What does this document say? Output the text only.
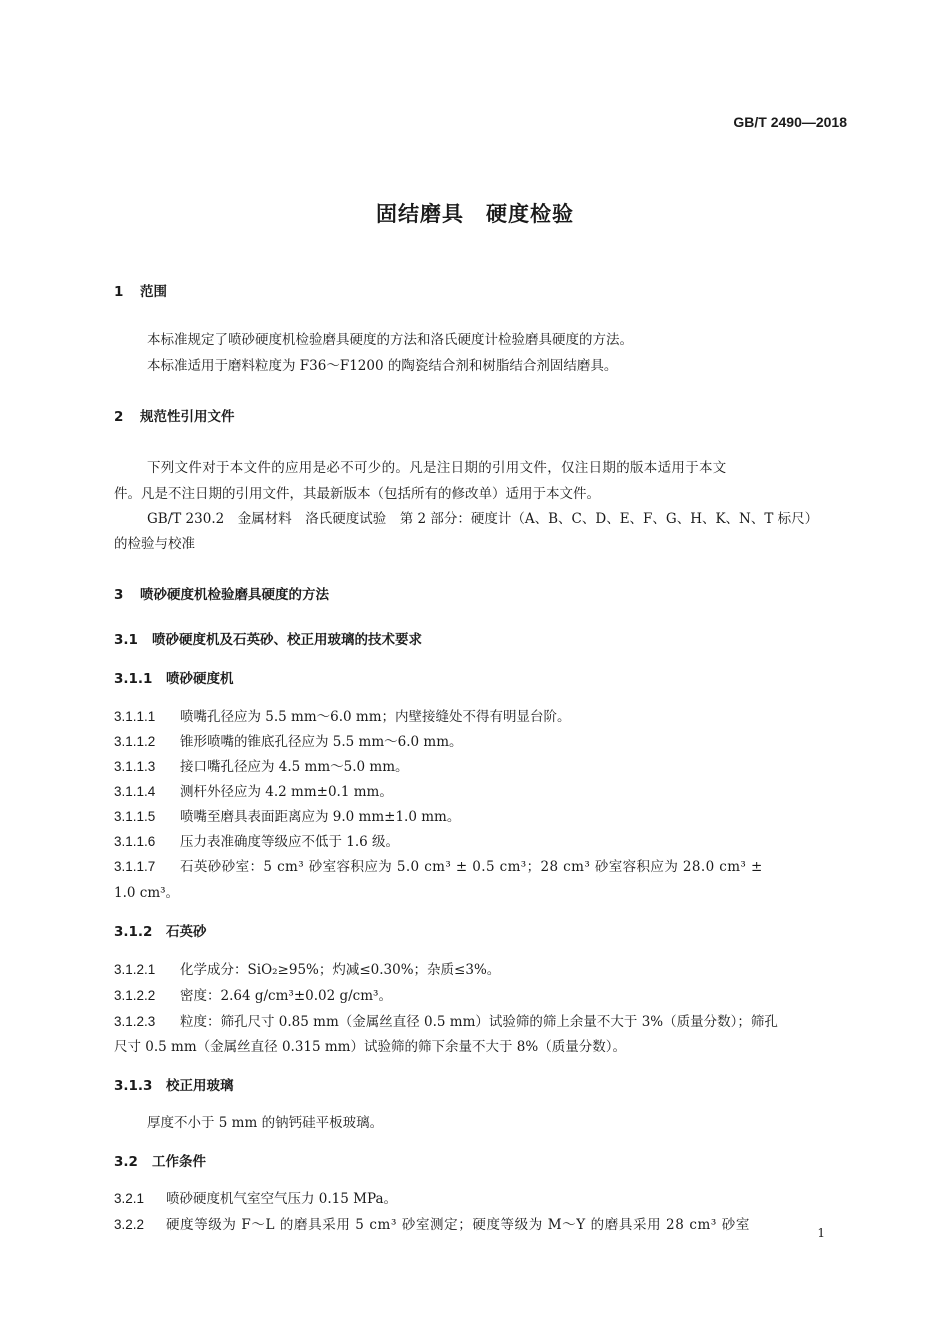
GB/T 2490—2018
固结磨具　硬度检验
1 范围
本标准规定了喷砂硬度机检验磨具硬度的方法和洛氏硬度计检验磨具硬度的方法。
本标准适用于磨料粒度为 F36～F1200 的陶瓷结合剂和树脂结合剂固结磨具。
2 规范性引用文件
下列文件对于本文件的应用是必不可少的。凡是注日期的引用文件，仅注日期的版本适用于本文
件。凡是不注日期的引用文件，其最新版本（包括所有的修改单）适用于本文件。
GB/T 230.2　金属材料　洛氏硬度试验　第 2 部分：硬度计（A、B、C、D、E、F、G、H、K、N、T 标尺）
的检验与校准
3 喷砂硬度机检验磨具硬度的方法
3.1 喷砂硬度机及石英砂、校正用玻璃的技术要求
3.1.1 喷砂硬度机
3.1.1.1 喷嘴孔径应为 5.5 mm～6.0 mm；内壁接缝处不得有明显台阶。
3.1.1.2 锥形喷嘴的锥底孔径应为 5.5 mm～6.0 mm。
3.1.1.3 接口嘴孔径应为 4.5 mm～5.0 mm。
3.1.1.4 测杆外径应为 4.2 mm±0.1 mm。
3.1.1.5 喷嘴至磨具表面距离应为 9.0 mm±1.0 mm。
3.1.1.6 压力表准确度等级应不低于 1.6 级。
3.1.1.7 石英砂砂室：5 cm³ 砂室容积应为 5.0 cm³ ± 0.5 cm³；28 cm³ 砂室容积应为 28.0 cm³ ±
1.0 cm³。
3.1.2 石英砂
3.1.2.1 化学成分：SiO₂≥95%；灼减≤0.30%；杂质≤3%。
3.1.2.2 密度：2.64 g/cm³±0.02 g/cm³。
3.1.2.3 粒度：筛孔尺寸 0.85 mm（金属丝直径 0.5 mm）试验筛的筛上余量不大于 3%（质量分数）；筛孔
尺寸 0.5 mm（金属丝直径 0.315 mm）试验筛的筛下余量不大于 8%（质量分数）。
3.1.3 校正用玻璃
厚度不小于 5 mm 的钠钙硅平板玻璃。
3.2 工作条件
3.2.1 喷砂硬度机气室空气压力 0.15 MPa。
3.2.2 硬度等级为 F～L 的磨具采用 5 cm³ 砂室测定；硬度等级为 M～Y 的磨具采用 28 cm³ 砂室	1
